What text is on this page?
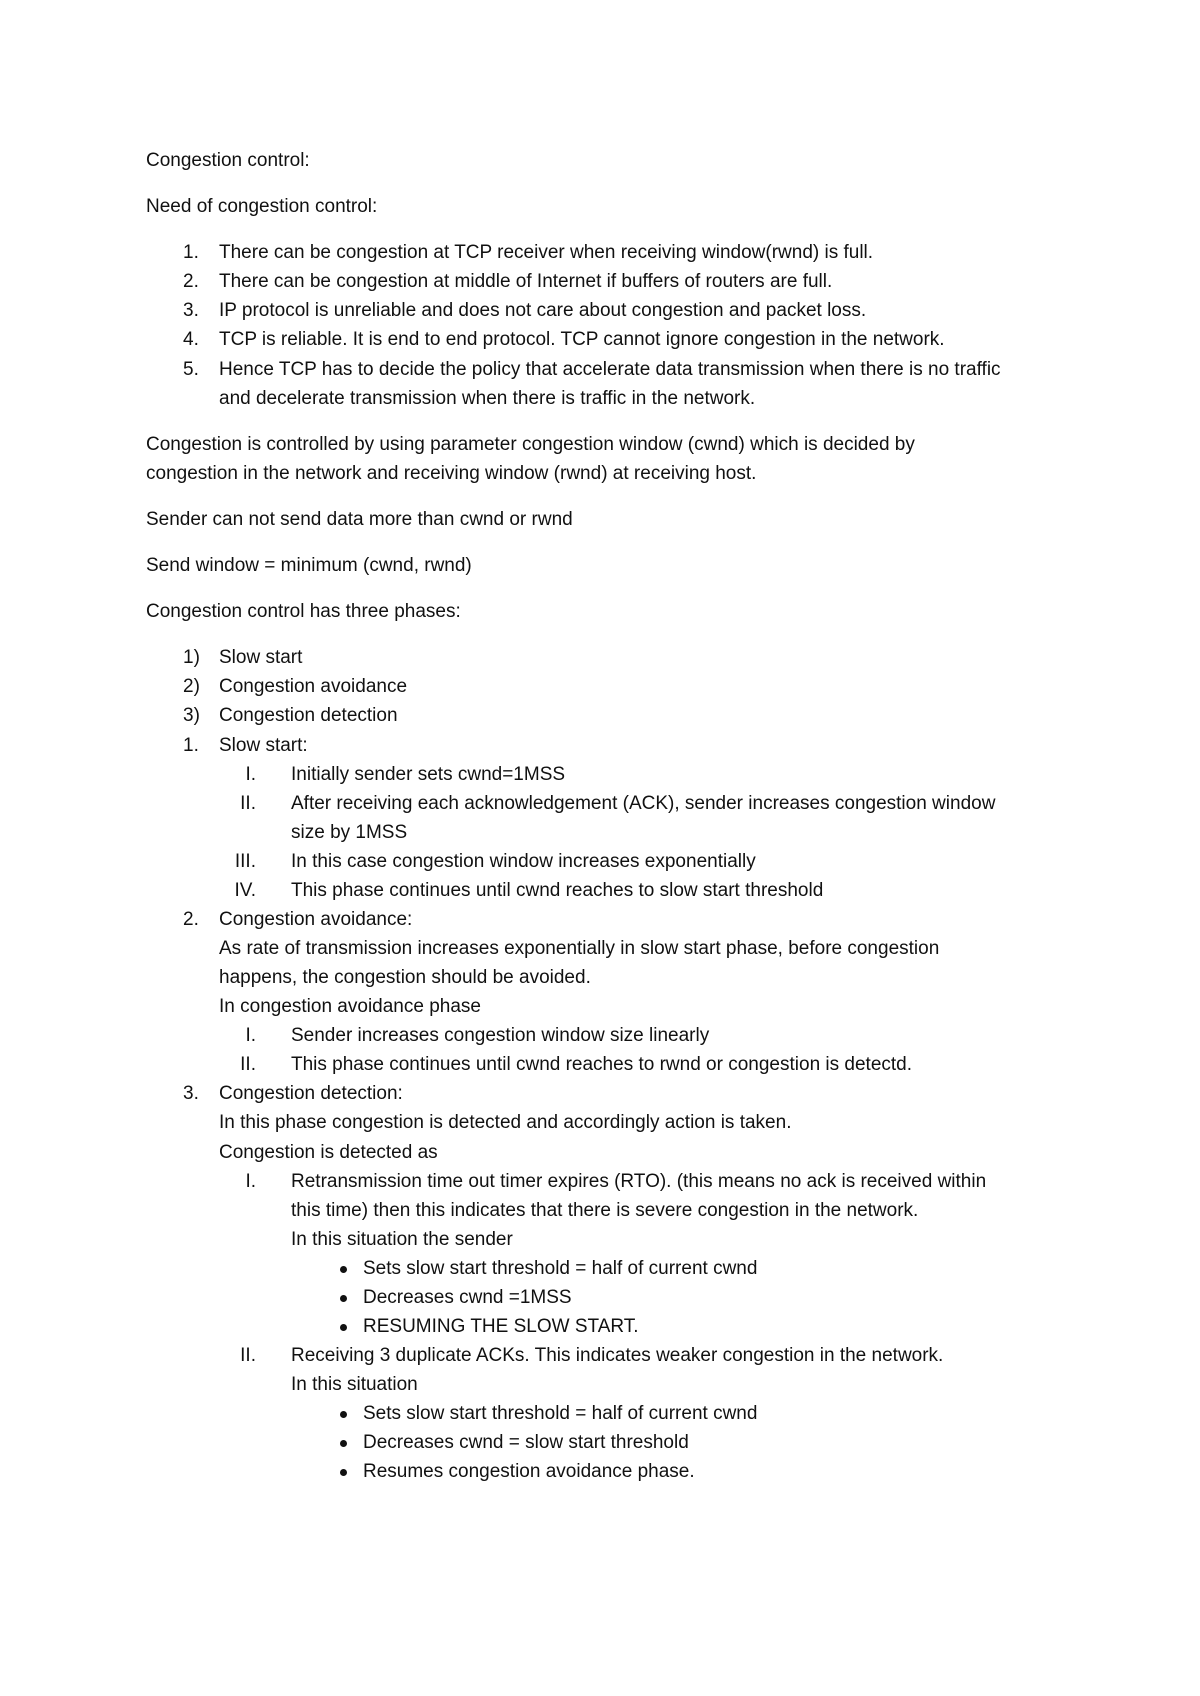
Congestion control:
Need of congestion control:
1. There can be congestion at TCP receiver when receiving window(rwnd) is full.
2. There can be congestion at middle of Internet if buffers of routers are full.
3. IP protocol is unreliable and does not care about congestion and packet loss.
4. TCP is reliable. It is end to end protocol. TCP cannot ignore congestion in the network.
5. Hence TCP has to decide the policy that accelerate data transmission when there is no traffic
and decelerate transmission when there is traffic in the network.
Congestion is controlled by using parameter congestion window (cwnd) which is decided by
congestion in the network and receiving window (rwnd) at receiving host.
Sender can not send data more than cwnd or rwnd
Send window = minimum (cwnd, rwnd)
Congestion control has three phases:
1) Slow start
2) Congestion avoidance
3) Congestion detection
1. Slow start:
I. Initially sender sets cwnd=1MSS
II. After receiving each acknowledgement (ACK), sender increases congestion window
size by 1MSS
III. In this case congestion window increases exponentially
IV. This phase continues until cwnd reaches to slow start threshold
2. Congestion avoidance:
As rate of transmission increases exponentially in slow start phase, before congestion
happens, the congestion should be avoided.
In congestion avoidance phase
I. Sender increases congestion window size linearly
II. This phase continues until cwnd reaches to rwnd or congestion is detectd.
3. Congestion detection:
In this phase congestion is detected and accordingly action is taken.
Congestion is detected as
I. Retransmission time out timer expires (RTO). (this means no ack is received within
this time) then this indicates that there is severe congestion in the network.
In this situation the sender
Sets slow start threshold = half of current cwnd
Decreases cwnd =1MSS
RESUMING THE SLOW START.
II. Receiving 3 duplicate ACKs. This indicates weaker congestion in the network.
In this situation
Sets slow start threshold = half of current cwnd
Decreases cwnd = slow start threshold
Resumes congestion avoidance phase.
